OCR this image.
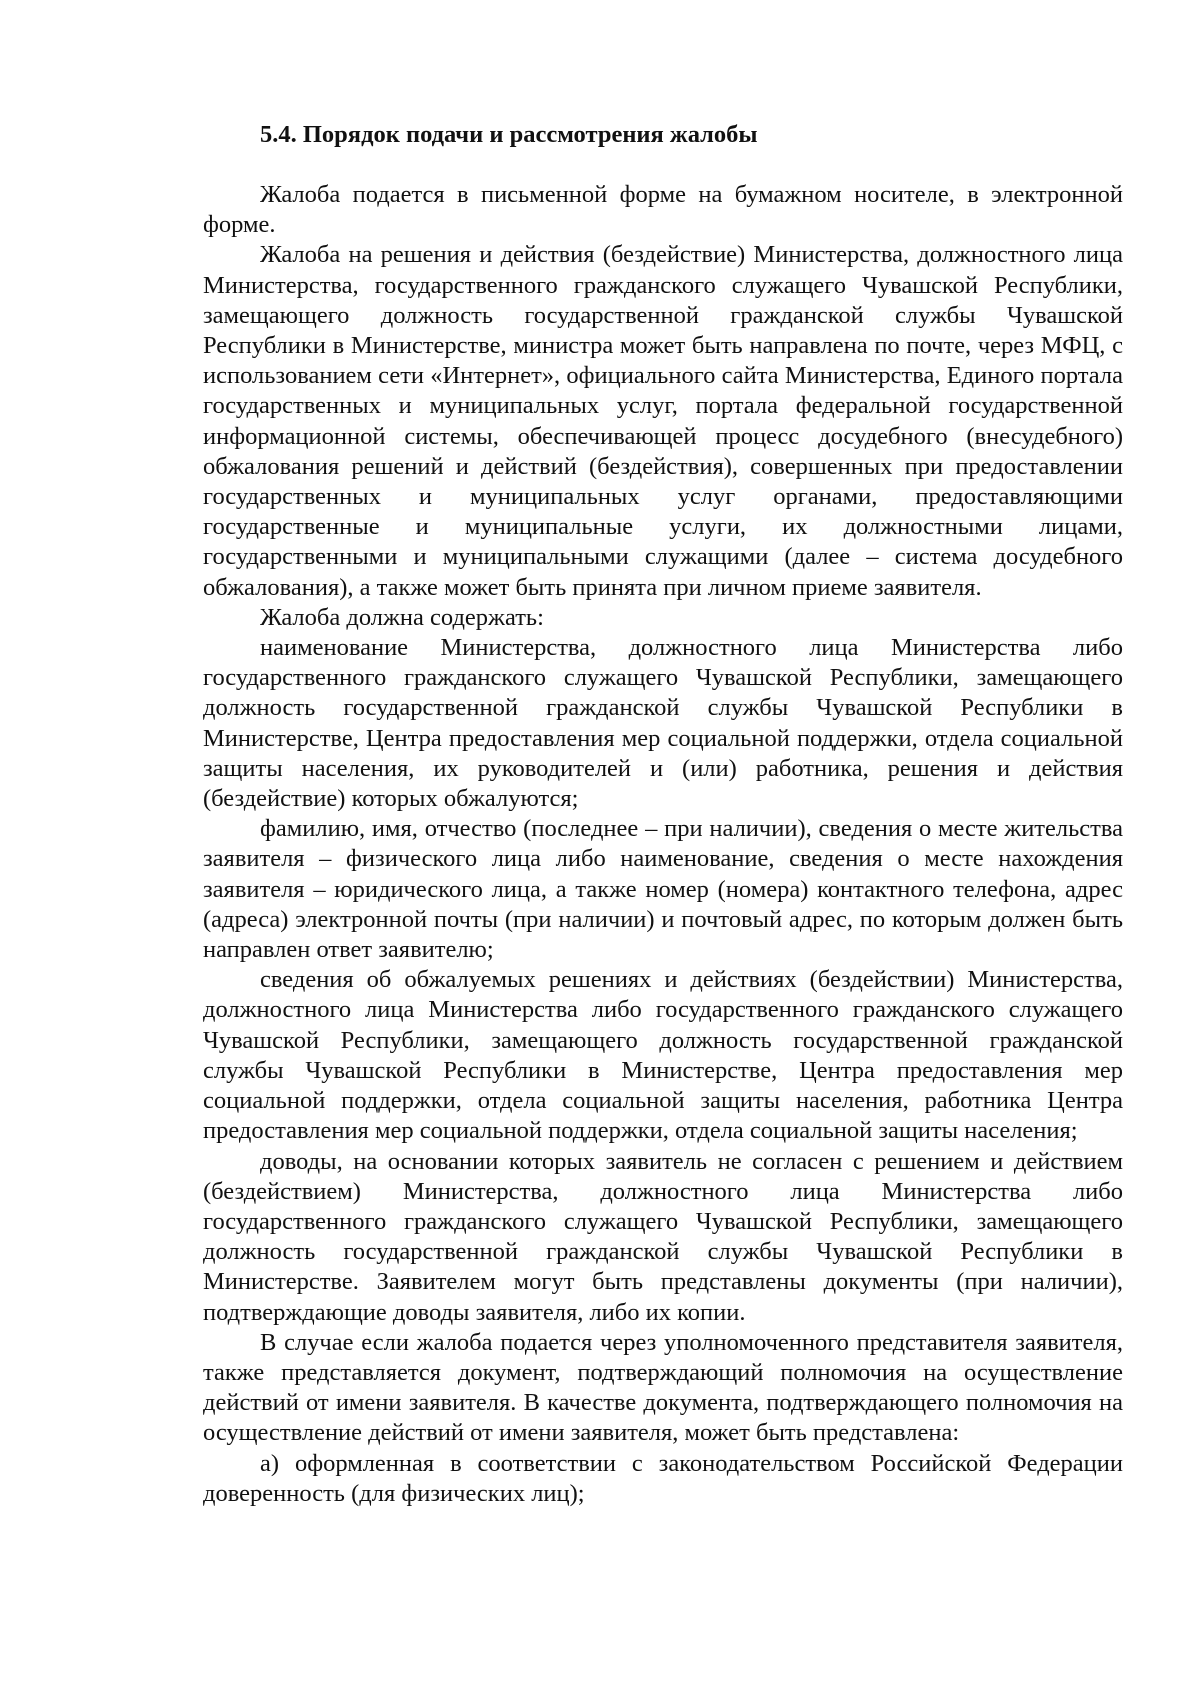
5.4. Порядок подачи и рассмотрения жалобы

Жалоба подается в письменной форме на бумажном носителе, в электронной форме.

Жалоба на решения и действия (бездействие) Министерства, должностного лица Министерства, государственного гражданского служащего Чувашской Республики, замещающего должность государственной гражданской службы Чувашской Республики в Министерстве, министра может быть направлена по почте, через МФЦ, с использованием сети «Интернет», официального сайта Министерства, Единого портала государственных и муниципальных услуг, портала федеральной государственной информационной системы, обеспечивающей процесс досудебного (внесудебного) обжалования решений и действий (бездействия), совершенных при предоставлении государственных и муниципальных услуг органами, предоставляющими государственные и муниципальные услуги, их должностными лицами, государственными и муниципальными служащими (далее – система досудебного обжалования), а также может быть принята при личном приеме заявителя.

Жалоба должна содержать:

наименование Министерства, должностного лица Министерства либо государственного гражданского служащего Чувашской Республики, замещающего должность государственной гражданской службы Чувашской Республики в Министерстве, Центра предоставления мер социальной поддержки, отдела социальной защиты населения, их руководителей и (или) работника, решения и действия (бездействие) которых обжалуются;

фамилию, имя, отчество (последнее – при наличии), сведения о месте жительства заявителя – физического лица либо наименование, сведения о месте нахождения заявителя – юридического лица, а также номер (номера) контактного телефона, адрес (адреса) электронной почты (при наличии) и почтовый адрес, по которым должен быть направлен ответ заявителю;

сведения об обжалуемых решениях и действиях (бездействии) Министерства, должностного лица Министерства либо государственного гражданского служащего Чувашской Республики, замещающего должность государственной гражданской службы Чувашской Республики в Министерстве, Центра предоставления мер социальной поддержки, отдела социальной защиты населения, работника Центра предоставления мер социальной поддержки, отдела социальной защиты населения;

доводы, на основании которых заявитель не согласен с решением и действием (бездействием) Министерства, должностного лица Министерства либо государственного гражданского служащего Чувашской Республики, замещающего должность государственной гражданской службы Чувашской Республики в Министерстве. Заявителем могут быть представлены документы (при наличии), подтверждающие доводы заявителя, либо их копии.

В случае если жалоба подается через уполномоченного представителя заявителя, также представляется документ, подтверждающий полномочия на осуществление действий от имени заявителя. В качестве документа, подтверждающего полномочия на осуществление действий от имени заявителя, может быть представлена:

а) оформленная в соответствии с законодательством Российской Федерации доверенность (для физических лиц);
